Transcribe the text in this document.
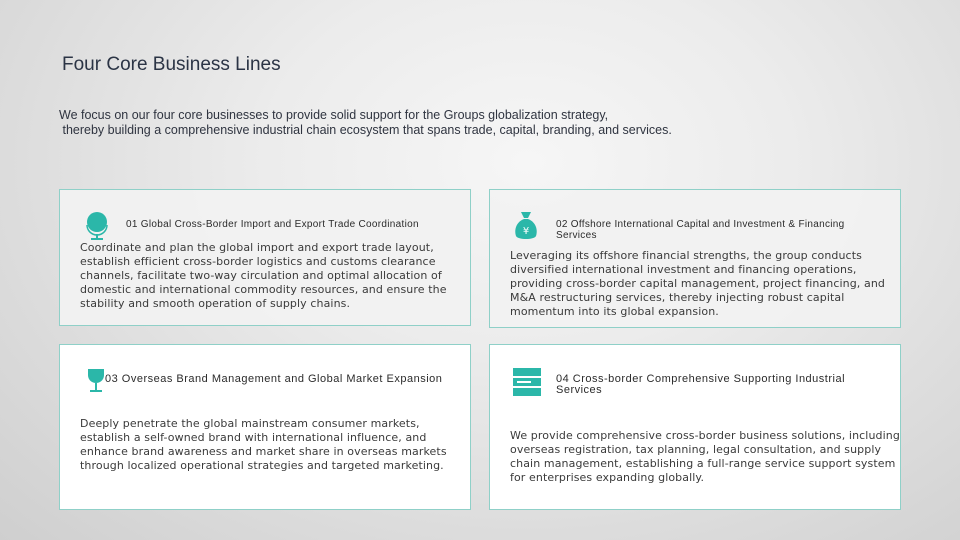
Four Core Business Lines
We focus on our four core businesses to provide solid support for the Groups globalization strategy,
thereby building a comprehensive industrial chain ecosystem that spans trade, capital, branding, and services.
01 Global Cross-Border Import and Export Trade Coordination
Coordinate and plan the global import and export trade layout, establish efficient cross-border logistics and customs clearance channels, facilitate two-way circulation and optimal allocation of domestic and international commodity resources, and ensure the stability and smooth operation of supply chains.
¥
02 Offshore International Capital and Investment & Financing Services
Leveraging its offshore financial strengths, the group conducts diversified international investment and financing operations, providing cross-border capital management, project financing, and M&A restructuring services, thereby injecting robust capital momentum into its global expansion.
03 Overseas Brand Management and Global Market Expansion
Deeply penetrate the global mainstream consumer markets, establish a self-owned brand with international influence, and enhance brand awareness and market share in overseas markets through localized operational strategies and targeted marketing.
04 Cross-border Comprehensive Supporting Industrial Services
We provide comprehensive cross-border business solutions, including overseas registration, tax planning, legal consultation, and supply chain management, establishing a full-range service support system for enterprises expanding globally.
